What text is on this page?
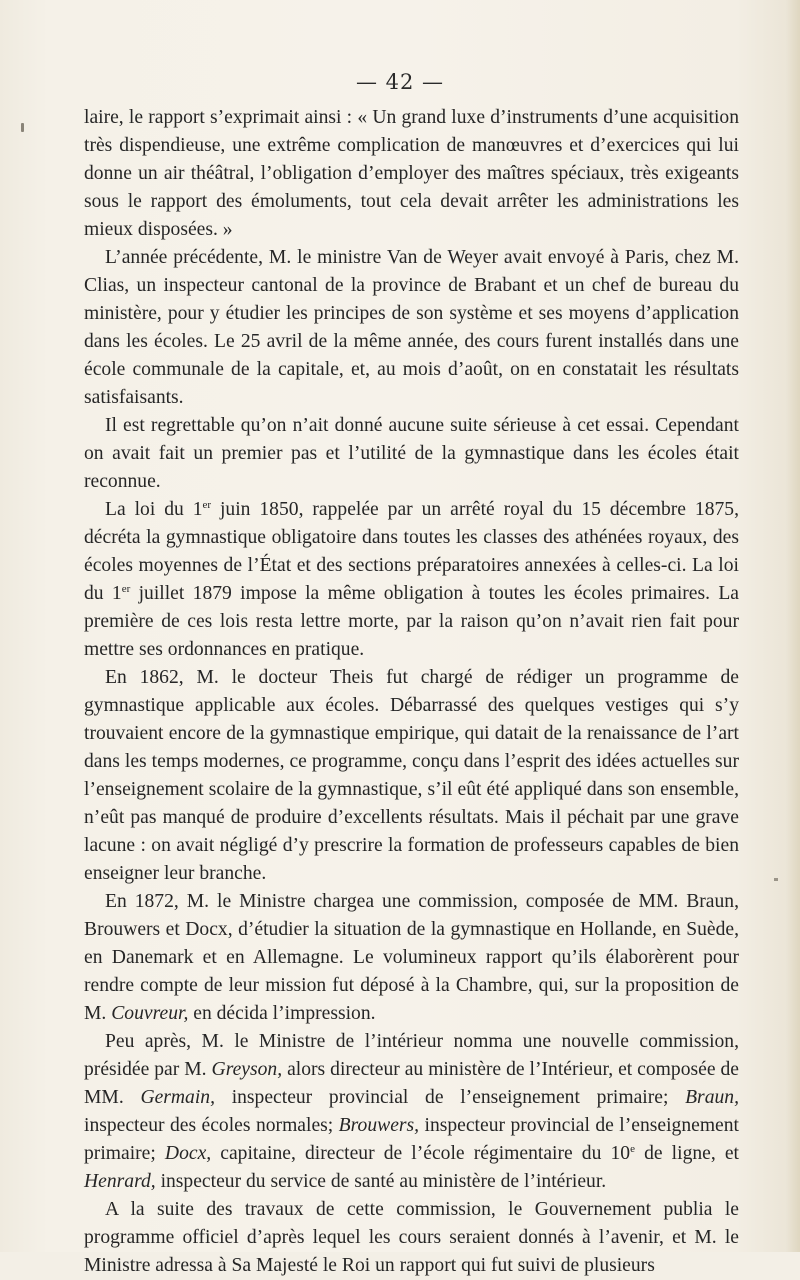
— 42 —

laire, le rapport s’exprimait ainsi : « Un grand luxe d’instruments d’une acquisition très dispendieuse, une extrême complication de manœuvres et d’exercices qui lui donne un air théâtral, l’obligation d’employer des maîtres spéciaux, très exigeants sous le rapport des émoluments, tout cela devait arrêter les administrations les mieux disposées. »

L’année précédente, M. le ministre Van de Weyer avait envoyé à Paris, chez M. Clias, un inspecteur cantonal de la province de Brabant et un chef de bureau du ministère, pour y étudier les principes de son système et ses moyens d’application dans les écoles. Le 25 avril de la même année, des cours furent installés dans une école communale de la capitale, et, au mois d’août, on en constatait les résultats satisfaisants.

Il est regrettable qu’on n’ait donné aucune suite sérieuse à cet essai. Cependant on avait fait un premier pas et l’utilité de la gymnastique dans les écoles était reconnue.

La loi du 1er juin 1850, rappelée par un arrêté royal du 15 décembre 1875, décréta la gymnastique obligatoire dans toutes les classes des athénées royaux, des écoles moyennes de l’État et des sections préparatoires annexées à celles-ci. La loi du 1er juillet 1879 impose la même obligation à toutes les écoles primaires. La première de ces lois resta lettre morte, par la raison qu’on n’avait rien fait pour mettre ses ordonnances en pratique.

En 1862, M. le docteur Theis fut chargé de rédiger un programme de gymnastique applicable aux écoles. Débarrassé des quelques vestiges qui s’y trouvaient encore de la gymnastique empirique, qui datait de la renaissance de l’art dans les temps modernes, ce programme, conçu dans l’esprit des idées actuelles sur l’enseignement scolaire de la gymnastique, s’il eût été appliqué dans son ensemble, n’eût pas manqué de produire d’excellents résultats. Mais il péchait par une grave lacune : on avait négligé d’y prescrire la formation de professeurs capables de bien enseigner leur branche.

En 1872, M. le Ministre chargea une commission, composée de MM. Braun, Brouwers et Docx, d’étudier la situation de la gymnastique en Hollande, en Suède, en Danemark et en Allemagne. Le volumineux rapport qu’ils élaborèrent pour rendre compte de leur mission fut déposé à la Chambre, qui, sur la proposition de M. Couvreur, en décida l’impression.

Peu après, M. le Ministre de l’intérieur nomma une nouvelle commission, présidée par M. Greyson, alors directeur au ministère de l’Intérieur, et composée de MM. Germain, inspecteur provincial de l’enseignement primaire; Braun, inspecteur des écoles normales; Brouwers, inspecteur provincial de l’enseignement primaire; Docx, capitaine, directeur de l’école régimentaire du 10e de ligne, et Henrard, inspecteur du service de santé au ministère de l’intérieur.

A la suite des travaux de cette commission, le Gouvernement publia le programme officiel d’après lequel les cours seraient donnés à l’avenir, et M. le Ministre adressa à Sa Majesté le Roi un rapport qui fut suivi de plusieurs
